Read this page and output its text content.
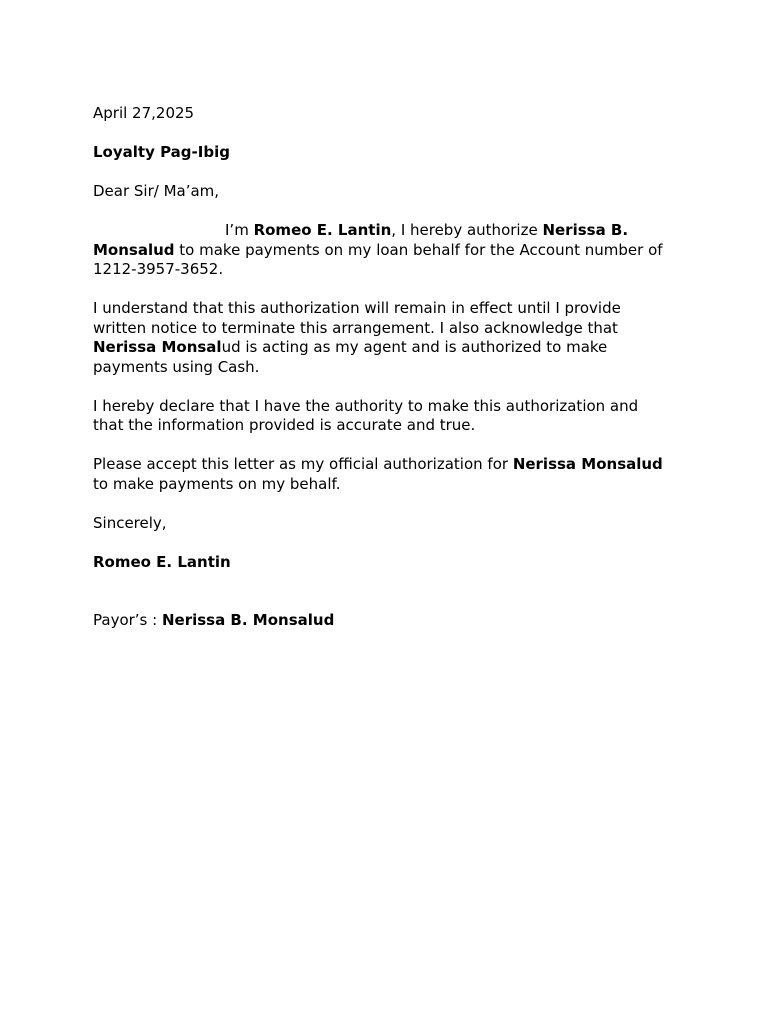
April 27,2025

Loyalty Pag-Ibig

Dear Sir/ Ma’am,

I’m Romeo E. Lantin, I hereby authorize Nerissa B. Monsalud to make payments on my loan behalf for the Account number of 1212-3957-3652.

I understand that this authorization will remain in effect until I provide written notice to terminate this arrangement. I also acknowledge that Nerissa Monsalud is acting as my agent and is authorized to make payments using Cash.

I hereby declare that I have the authority to make this authorization and that the information provided is accurate and true.

Please accept this letter as my official authorization for Nerissa Monsalud to make payments on my behalf.

Sincerely,

Romeo E. Lantin

Payor’s : Nerissa B. Monsalud
